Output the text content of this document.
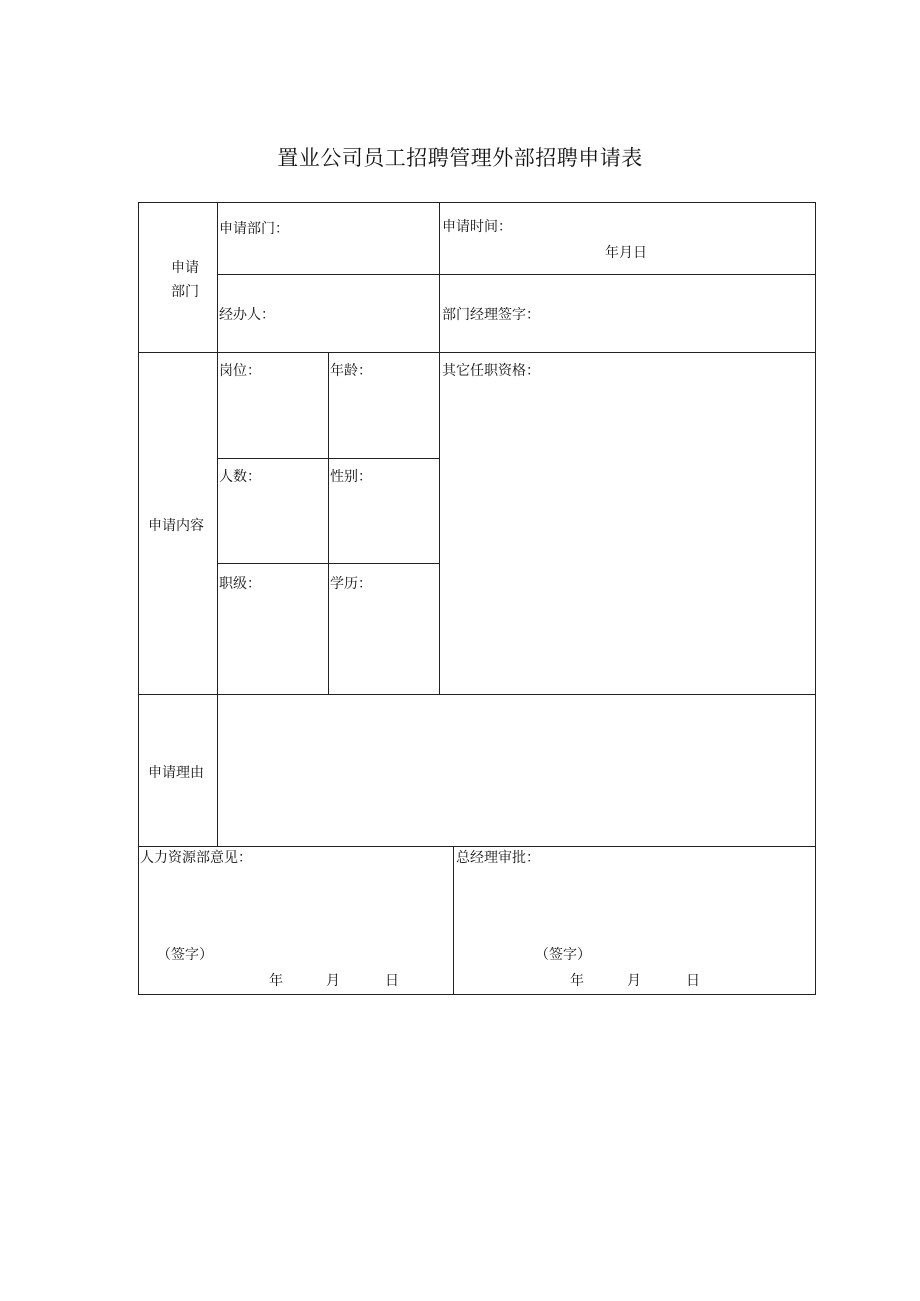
置业公司员工招聘管理外部招聘申请表
申请
部门
申请部门：	申请时间：
年月日
经办人：	部门经理签字：
申请内容
岗位：	年龄：
人数：	性别：
职级：	学历：
其它任职资格：
申请理由
人力资源部意见：
（签字）
年	月	日
总经理审批：
（签字）
年	月	日
